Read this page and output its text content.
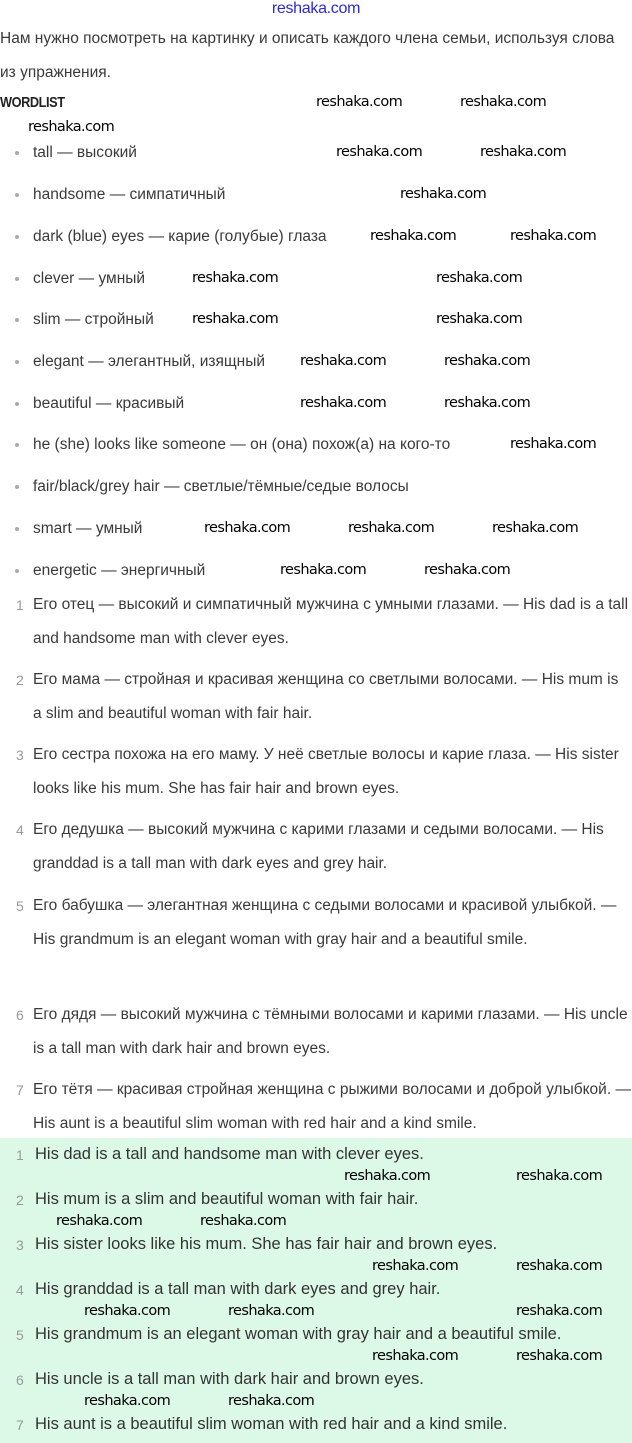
reshaka.com
Нам нужно посмотреть на картинку и описать каждого члена семьи, используя слова из упражнения.
WORDLIST
tall — высокий
handsome — симпатичный
dark (blue) eyes — карие (голубые) глаза
clever — умный
slim — стройный
elegant — элегантный, изящный
beautiful — красивый
he (she) looks like someone — он (она) похож(а) на кого-то
fair/black/grey hair — светлые/тёмные/седые волосы
smart — умный
energetic — энергичный
1 Его отец — высокий и симпатичный мужчина с умными глазами. — His dad is a tall and handsome man with clever eyes.
2 Его мама — стройная и красивая женщина со светлыми волосами. — His mum is a slim and beautiful woman with fair hair.
3 Его сестра похожа на его маму. У неё светлые волосы и карие глаза. — His sister looks like his mum. She has fair hair and brown eyes.
4 Его дедушка — высокий мужчина с карими глазами и седыми волосами. — His granddad is a tall man with dark eyes and grey hair.
5 Его бабушка — элегантная женщина с седыми волосами и красивой улыбкой. — His grandmum is an elegant woman with gray hair and a beautiful smile.
6 Его дядя — высокий мужчина с тёмными волосами и карими глазами. — His uncle is a tall man with dark hair and brown eyes.
7 Его тётя — красивая стройная женщина с рыжими волосами и доброй улыбкой. — His aunt is a beautiful slim woman with red hair and a kind smile.
1 His dad is a tall and handsome man with clever eyes.
2 His mum is a slim and beautiful woman with fair hair.
3 His sister looks like his mum. She has fair hair and brown eyes.
4 His granddad is a tall man with dark eyes and grey hair.
5 His grandmum is an elegant woman with gray hair and a beautiful smile.
6 His uncle is a tall man with dark hair and brown eyes.
7 His aunt is a beautiful slim woman with red hair and a kind smile.
reshaka.com	reshaka.com
reshaka.com
reshaka.com	reshaka.com
reshaka.com
reshaka.com	reshaka.com
reshaka.com	reshaka.com
reshaka.com	reshaka.com
reshaka.com	reshaka.com
reshaka.com	reshaka.com
reshaka.com
reshaka.com	reshaka.com	reshaka.com
reshaka.com	reshaka.com
reshaka.com	reshaka.com
reshaka.com	reshaka.com
reshaka.com	reshaka.com
reshaka.com	reshaka.com	reshaka.com
reshaka.com	reshaka.com
reshaka.com	reshaka.com
